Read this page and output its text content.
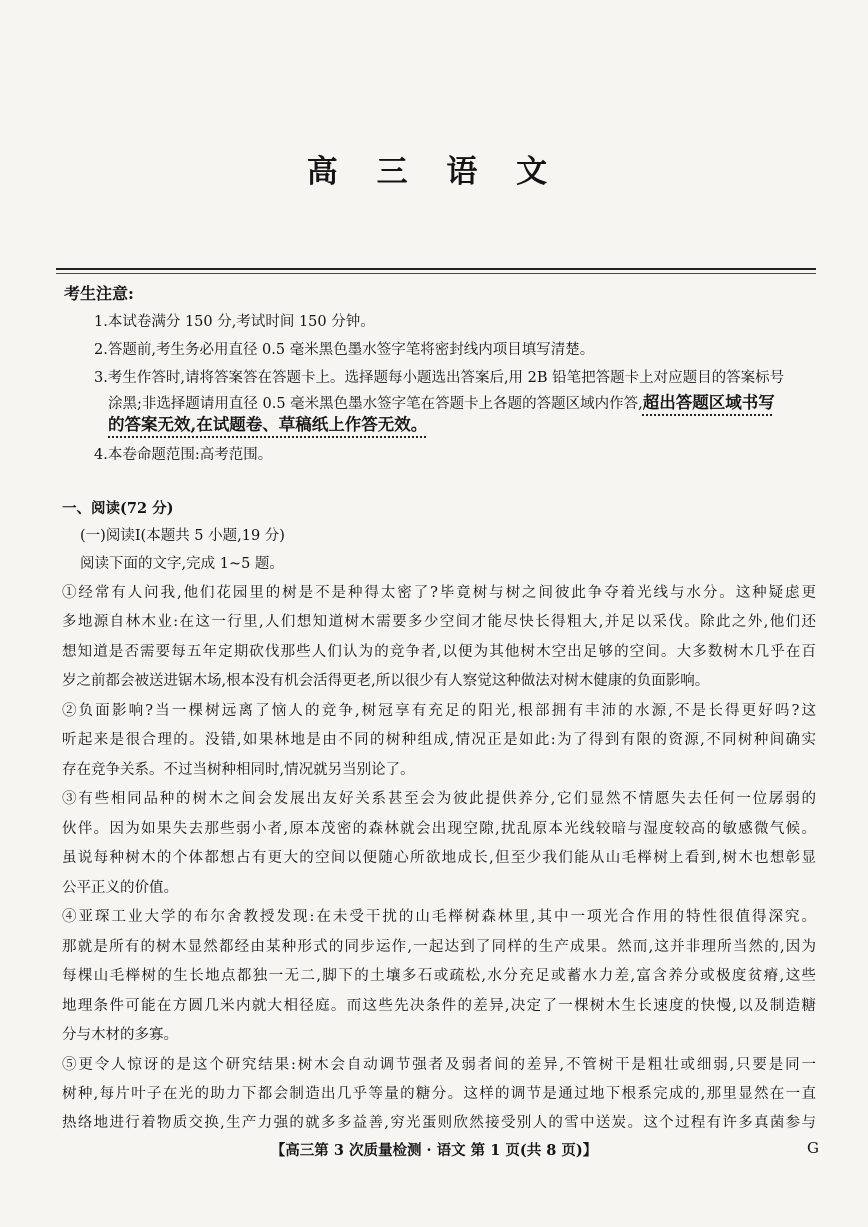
高 三 语 文
考生注意:
1.本试卷满分 150 分,考试时间 150 分钟。
2.答题前,考生务必用直径 0.5 毫米黑色墨水签字笔将密封线内项目填写清楚。
3.考生作答时,请将答案答在答题卡上。选择题每小题选出答案后,用 2B 铅笔把答题卡上对应题目的答案标号
涂黑;非选择题请用直径 0.5 毫米黑色墨水签字笔在答题卡上各题的答题区域内作答,超出答题区域书写
的答案无效,在试题卷、草稿纸上作答无效。
4.本卷命题范围:高考范围。
一、阅读(72 分)
(一)阅读Ⅰ(本题共 5 小题,19 分)
阅读下面的文字,完成 1~5 题。
①经常有人问我,他们花园里的树是不是种得太密了?毕竟树与树之间彼此争夺着光线与水分。这种疑虑更
多地源自林木业:在这一行里,人们想知道树木需要多少空间才能尽快长得粗大,并足以采伐。除此之外,他们还
想知道是否需要每五年定期砍伐那些人们认为的竞争者,以便为其他树木空出足够的空间。大多数树木几乎在百
岁之前都会被送进锯木场,根本没有机会活得更老,所以很少有人察觉这种做法对树木健康的负面影响。
②负面影响?当一棵树远离了恼人的竞争,树冠享有充足的阳光,根部拥有丰沛的水源,不是长得更好吗?这
听起来是很合理的。没错,如果林地是由不同的树种组成,情况正是如此:为了得到有限的资源,不同树种间确实
存在竞争关系。不过当树种相同时,情况就另当别论了。
③有些相同品种的树木之间会发展出友好关系甚至会为彼此提供养分,它们显然不情愿失去任何一位孱弱的
伙伴。因为如果失去那些弱小者,原本茂密的森林就会出现空隙,扰乱原本光线较暗与湿度较高的敏感微气候。
虽说每种树木的个体都想占有更大的空间以便随心所欲地成长,但至少我们能从山毛榉树上看到,树木也想彰显
公平正义的价值。
④亚琛工业大学的布尔舍教授发现:在未受干扰的山毛榉树森林里,其中一项光合作用的特性很值得深究。
那就是所有的树木显然都经由某种形式的同步运作,一起达到了同样的生产成果。然而,这并非理所当然的,因为
每棵山毛榉树的生长地点都独一无二,脚下的土壤多石或疏松,水分充足或蓄水力差,富含养分或极度贫瘠,这些
地理条件可能在方圆几米内就大相径庭。而这些先决条件的差异,决定了一棵树木生长速度的快慢,以及制造糖
分与木材的多寡。
⑤更令人惊讶的是这个研究结果:树木会自动调节强者及弱者间的差异,不管树干是粗壮或细弱,只要是同一
树种,每片叶子在光的助力下都会制造出几乎等量的糖分。这样的调节是通过地下根系完成的,那里显然在一直
热络地进行着物质交换,生产力强的就多多益善,穷光蛋则欣然接受别人的雪中送炭。这个过程有许多真菌参与
【高三第 3 次质量检测 · 语文 第 1 页(共 8 页)】	G
